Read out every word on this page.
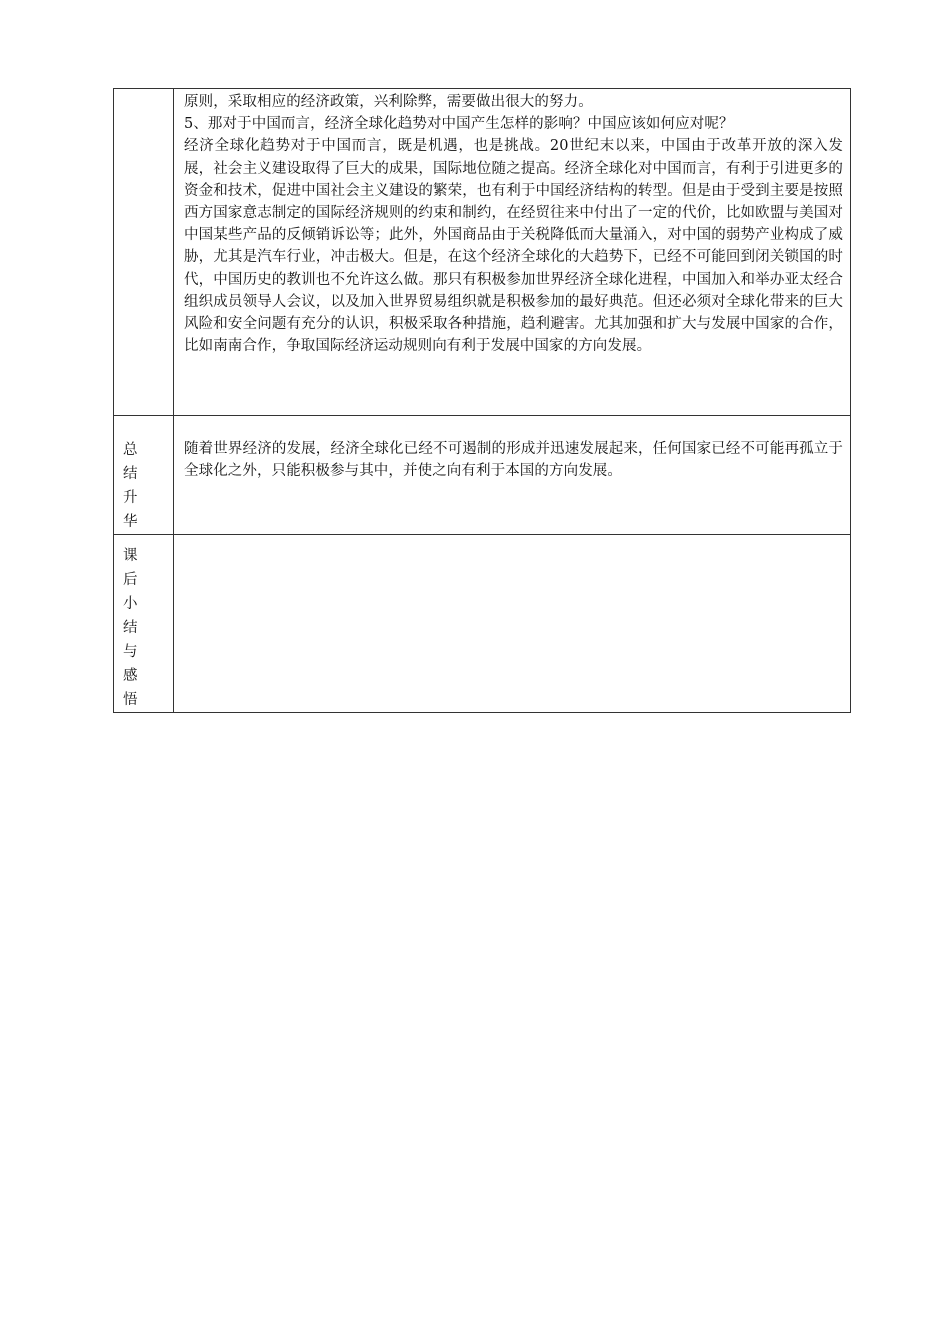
	原则，采取相应的经济政策，兴利除弊，需要做出很大的努力。

5、那对于中国而言，经济全球化趋势对中国产生怎样的影响？中国应该如何应对呢？

经济全球化趋势对于中国而言，既是机遇，也是挑战。20世纪末以来，中国由于改革开放的深入发展，社会主义建设取得了巨大的成果，国际地位随之提高。经济全球化对中国而言，有利于引进更多的资金和技术，促进中国社会主义建设的繁荣，也有利于中国经济结构的转型。但是由于受到主要是按照西方国家意志制定的国际经济规则的约束和制约，在经贸往来中付出了一定的代价，比如欧盟与美国对中国某些产品的反倾销诉讼等；此外，外国商品由于关税降低而大量涌入，对中国的弱势产业构成了威胁，尤其是汽车行业，冲击极大。但是，在这个经济全球化的大趋势下，已经不可能回到闭关锁国的时代，中国历史的教训也不允许这么做。那只有积极参加世界经济全球化进程，中国加入和举办亚太经合组织成员领导人会议，以及加入世界贸易组织就是积极参加的最好典范。但还必须对全球化带来的巨大风险和安全问题有充分的认识，积极采取各种措施，趋利避害。尤其加强和扩大与发展中国家的合作，比如南南合作，争取国际经济运动规则向有利于发展中国家的方向发展。

总结升华	随着世界经济的发展，经济全球化已经不可遏制的形成并迅速发展起来，任何国家已经不可能再孤立于全球化之外，只能积极参与其中，并使之向有利于本国的方向发展。

课后小结与感悟	
